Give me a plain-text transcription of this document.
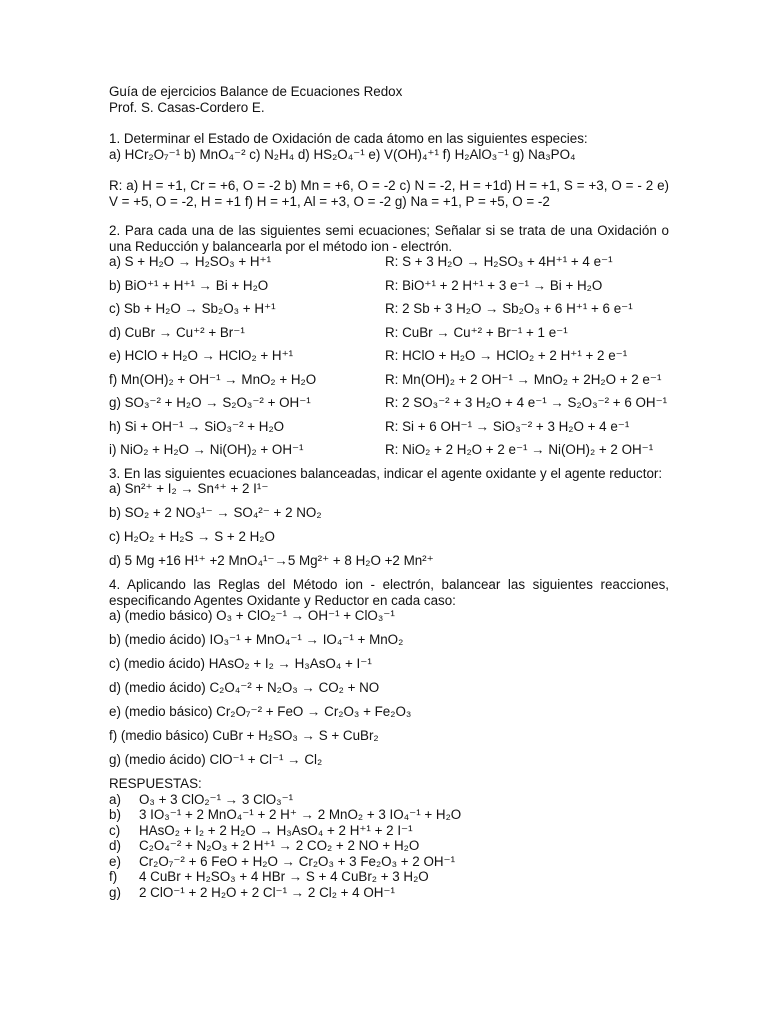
Guía de ejercicios Balance de Ecuaciones Redox
Prof. S. Casas-Cordero E.
1. Determinar el Estado de Oxidación de cada átomo en las siguientes especies:
a) HCr₂O₇⁻¹ b) MnO₄⁻² c) N₂H₄ d) HS₂O₄⁻¹ e) V(OH)₄⁺¹ f) H₂AlO₃⁻¹ g) Na₃PO₄
R: a) H = +1, Cr = +6, O = -2 b) Mn = +6, O = -2 c) N = -2, H = +1d) H = +1, S = +3, O = - 2 e) V = +5, O = -2, H = +1 f) H = +1, Al = +3, O = -2 g) Na = +1, P = +5, O = -2
2. Para cada una de las siguientes semi ecuaciones; Señalar si se trata de una Oxidación o una Reducción y balancearla por el método ion - electrón.
a) S + H₂O → H₂SO₃ + H⁺¹	R: S + 3 H₂O → H₂SO₃ + 4H⁺¹ + 4 e⁻¹
b) BiO⁺¹ + H⁺¹ → Bi + H₂O	R: BiO⁺¹ + 2 H⁺¹ + 3 e⁻¹ → Bi + H₂O
c) Sb + H₂O → Sb₂O₃ + H⁺¹	R: 2 Sb + 3 H₂O → Sb₂O₃ + 6 H⁺¹ + 6 e⁻¹
d) CuBr → Cu⁺² + Br⁻¹	R: CuBr → Cu⁺² + Br⁻¹ + 1 e⁻¹
e) HClO + H₂O → HClO₂ + H⁺¹	R: HClO + H₂O → HClO₂ + 2 H⁺¹ + 2 e⁻¹
f) Mn(OH)₂ + OH⁻¹ → MnO₂ + H₂O	R: Mn(OH)₂ + 2 OH⁻¹ → MnO₂ + 2H₂O + 2 e⁻¹
g) SO₃⁻² + H₂O → S₂O₃⁻² + OH⁻¹	R: 2 SO₃⁻² + 3 H₂O + 4 e⁻¹ → S₂O₃⁻² + 6 OH⁻¹
h) Si + OH⁻¹ → SiO₃⁻² + H₂O	R: Si + 6 OH⁻¹ → SiO₃⁻² + 3 H₂O + 4 e⁻¹
i) NiO₂ + H₂O → Ni(OH)₂ + OH⁻¹	R: NiO₂ + 2 H₂O + 2 e⁻¹ → Ni(OH)₂ + 2 OH⁻¹
3. En las siguientes ecuaciones balanceadas, indicar el agente oxidante y el agente reductor:
a) Sn²⁺ + I₂ → Sn⁴⁺ + 2 I¹⁻
b) SO₂ + 2 NO₃¹⁻ → SO₄²⁻ + 2 NO₂
c) H₂O₂ + H₂S → S + 2 H₂O
d) 5 Mg +16 H¹⁺ +2 MnO₄¹⁻→5 Mg²⁺ + 8 H₂O +2 Mn²⁺
4. Aplicando las Reglas del Método ion - electrón, balancear las siguientes reacciones, especificando Agentes Oxidante y Reductor en cada caso:
a) (medio básico) O₃ + ClO₂⁻¹ → OH⁻¹ + ClO₃⁻¹
b) (medio ácido) IO₃⁻¹ + MnO₄⁻¹ → IO₄⁻¹ + MnO₂
c) (medio ácido) HAsO₂ + I₂ → H₃AsO₄ + I⁻¹
d) (medio ácido) C₂O₄⁻² + N₂O₃ → CO₂ + NO
e) (medio básico) Cr₂O₇⁻² + FeO → Cr₂O₃ + Fe₂O₃
f) (medio básico) CuBr + H₂SO₃ → S + CuBr₂
g) (medio ácido) ClO⁻¹ + Cl⁻¹ → Cl₂
RESPUESTAS:
a)	O₃ + 3 ClO₂⁻¹ → 3 ClO₃⁻¹
b)	3 IO₃⁻¹ + 2 MnO₄⁻¹ + 2 H⁺ → 2 MnO₂ + 3 IO₄⁻¹ + H₂O
c)	HAsO₂ + I₂ + 2 H₂O → H₃AsO₄ + 2 H⁺¹ + 2 I⁻¹
d)	C₂O₄⁻² + N₂O₃ + 2 H⁺¹ → 2 CO₂ + 2 NO + H₂O
e)	Cr₂O₇⁻² + 6 FeO + H₂O → Cr₂O₃ + 3 Fe₂O₃ + 2 OH⁻¹
f)	4 CuBr + H₂SO₃ + 4 HBr → S + 4 CuBr₂ + 3 H₂O
g)	2 ClO⁻¹ + 2 H₂O + 2 Cl⁻¹ → 2 Cl₂ + 4 OH⁻¹
